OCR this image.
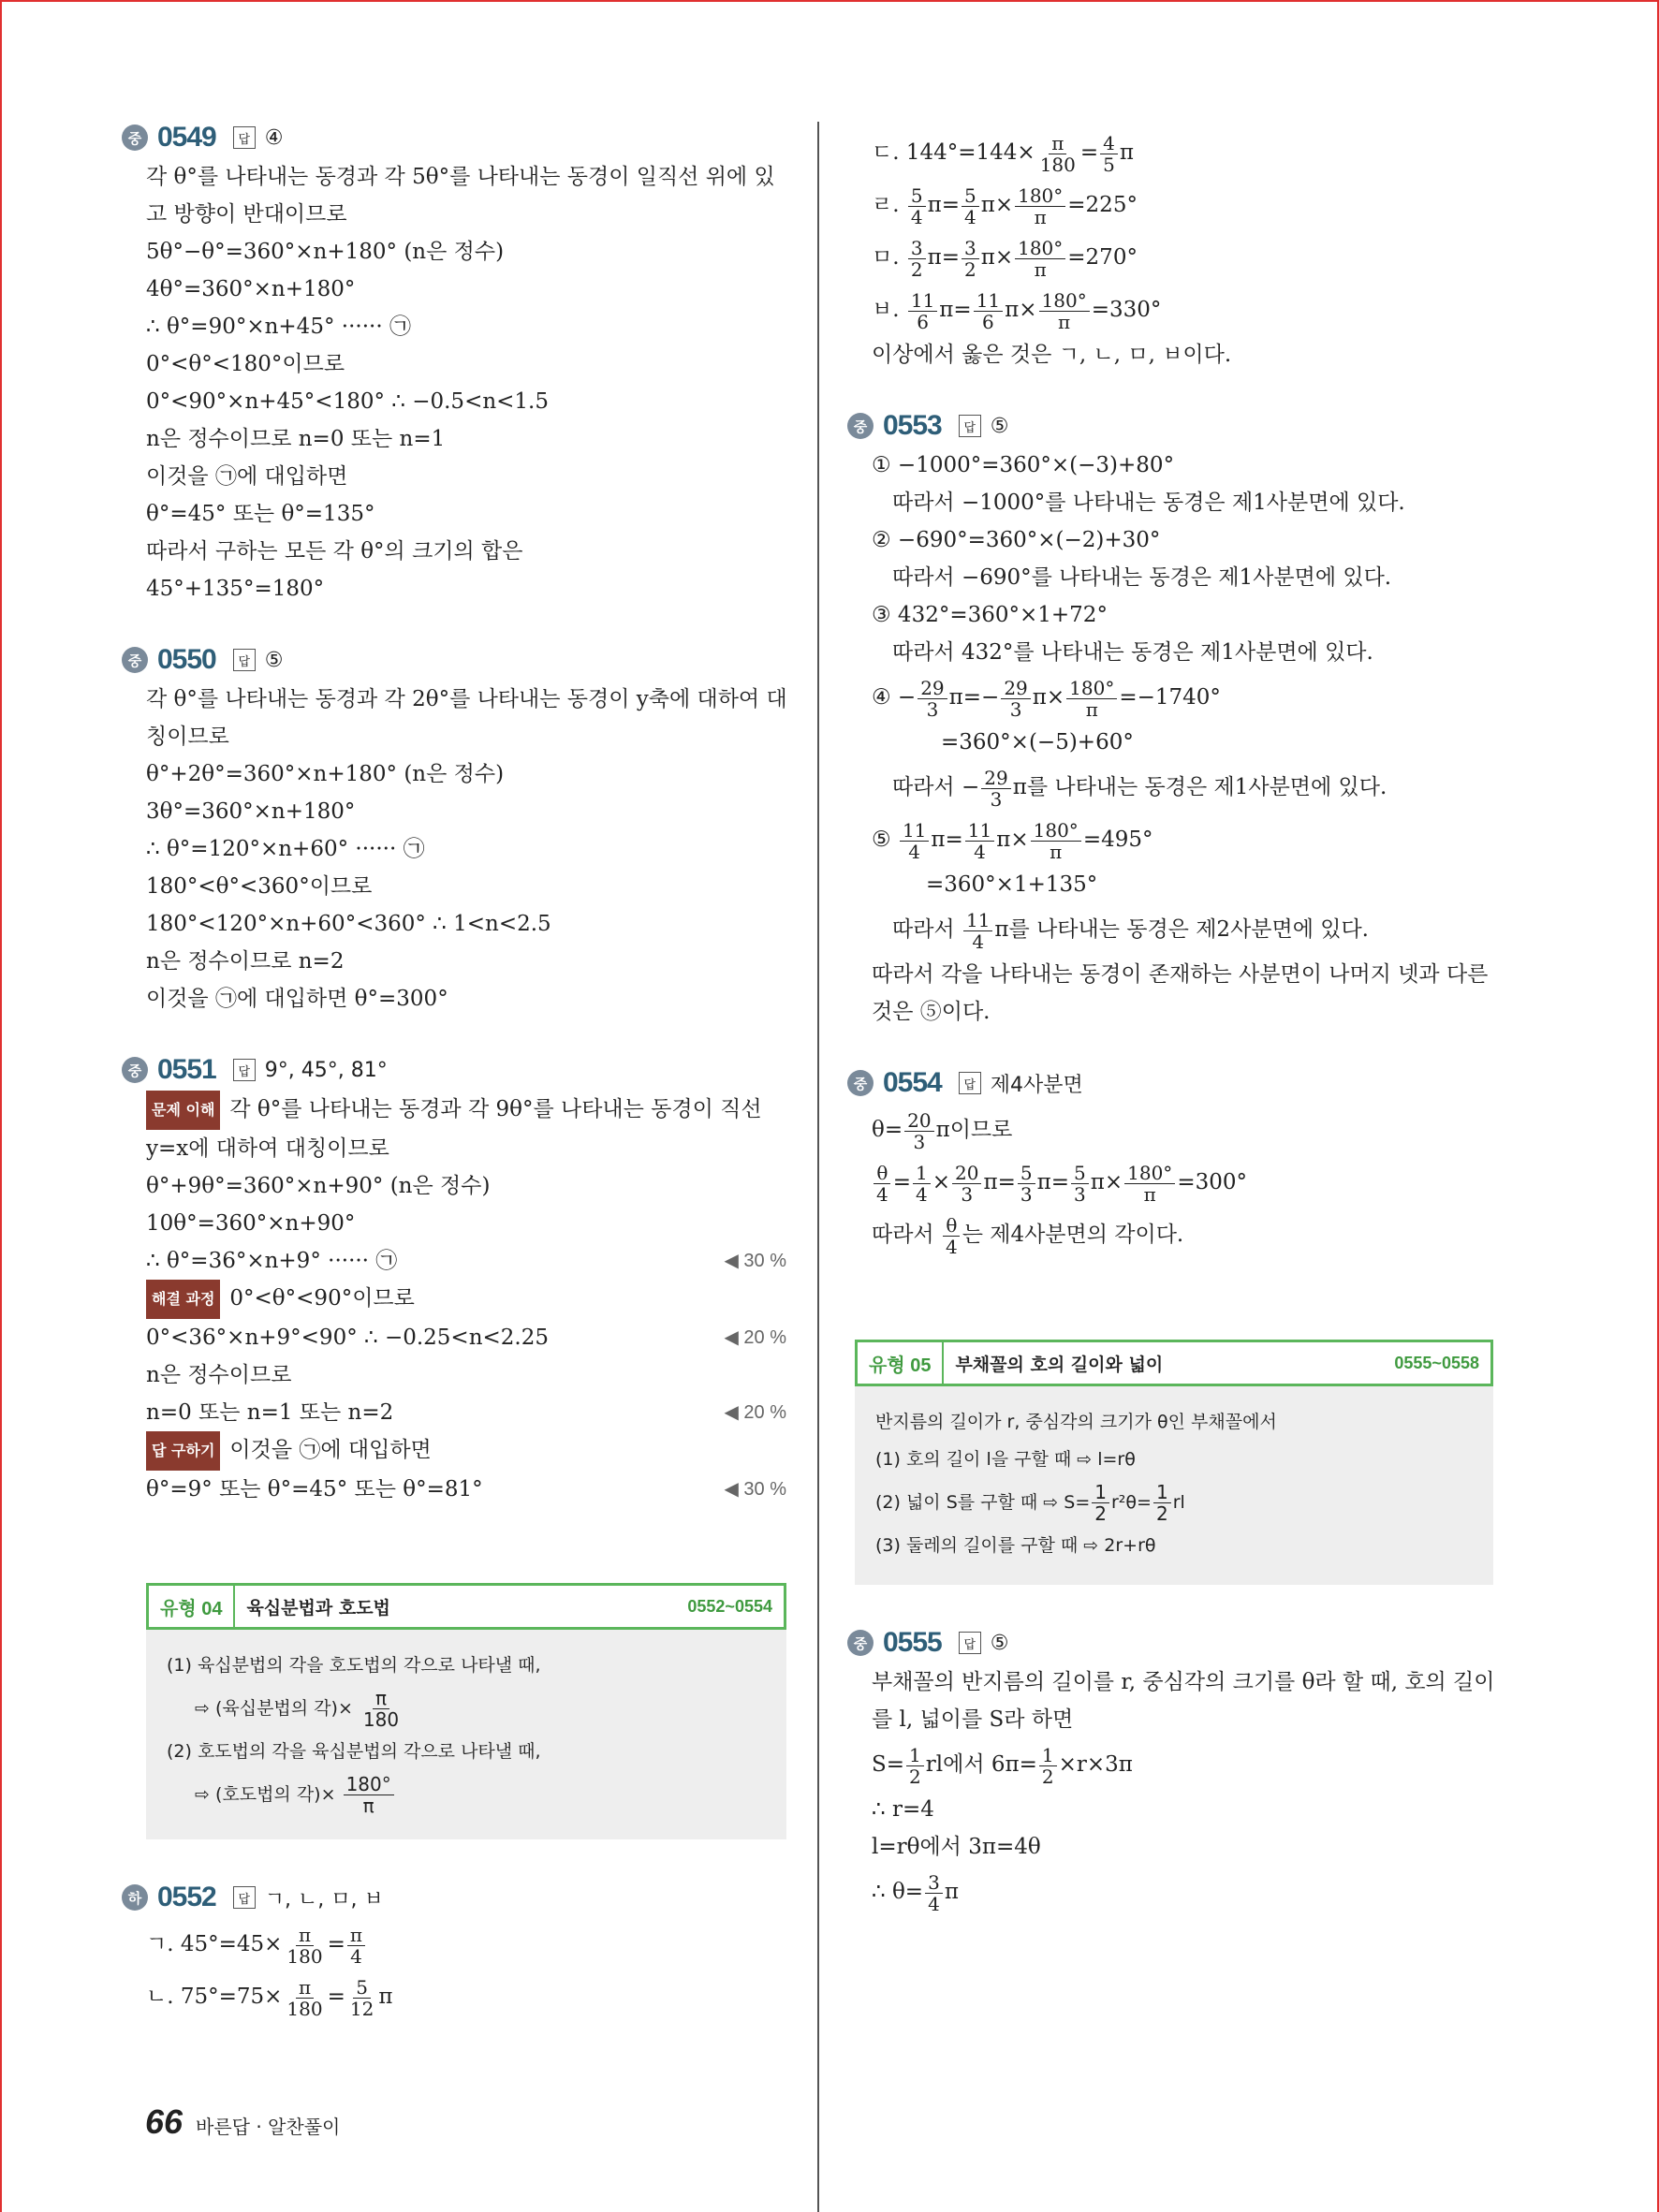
중 0549	답 ④
각 θ°를 나타내는 동경과 각 5θ°를 나타내는 동경이 일직선 위에 있
고 방향이 반대이므로
5θ°−θ°=360°×n+180° (n은 정수)
4θ°=360°×n+180°
∴ θ°=90°×n+45° ······ ㉠
0°<θ°<180°이므로
0°<90°×n+45°<180° ∴ −0.5<n<1.5
n은 정수이므로 n=0 또는 n=1
이것을 ㉠에 대입하면
θ°=45° 또는 θ°=135°
따라서 구하는 모든 각 θ°의 크기의 합은
45°+135°=180°
중 0550	답 ⑤
각 θ°를 나타내는 동경과 각 2θ°를 나타내는 동경이 y축에 대하여 대
칭이므로
θ°+2θ°=360°×n+180° (n은 정수)
3θ°=360°×n+180°
∴ θ°=120°×n+60° ······ ㉠
180°<θ°<360°이므로
180°<120°×n+60°<360° ∴ 1<n<2.5
n은 정수이므로 n=2
이것을 ㉠에 대입하면 θ°=300°
중 0551	답 9°, 45°, 81°
문제 이해 각 θ°를 나타내는 동경과 각 9θ°를 나타내는 동경이 직선
y=x에 대하여 대칭이므로
θ°+9θ°=360°×n+90° (n은 정수)
10θ°=360°×n+90°
∴ θ°=36°×n+9° ······ ㉠	◀ 30 %
해결 과정 0°<θ°<90°이므로
0°<36°×n+9°<90° ∴ −0.25<n<2.25	◀ 20 %
n은 정수이므로
n=0 또는 n=1 또는 n=2	◀ 20 %
답 구하기 이것을 ㉠에 대입하면
θ°=9° 또는 θ°=45° 또는 θ°=81°	◀ 30 %
유형 04	육십분법과 호도법	0552~0554
(1) 육십분법의 각을 호도법의 각으로 나타낼 때,
⇨ (육십분법의 각)× $\frac{\pi}{180}$
(2) 호도법의 각을 육십분법의 각으로 나타낼 때,
⇨ (호도법의 각)× $\frac{180^\circ}{\pi}$
하 0552	답 ㄱ, ㄴ, ㅁ, ㅂ
ㄱ. $45^\circ=45\times \frac{\pi}{180} = \frac{\pi}{4}$
ㄴ. $75^\circ=75\times \frac{\pi}{180} = \frac{5}{12}$ π
ㄷ. $144^\circ=144\times \frac{\pi}{180} = \frac{4}{5}$ π
ㄹ. $\frac{5}{4} \pi= \frac{5}{4} \pi\times \frac{180^\circ}{\pi} =225^\circ$
ㅁ. $\frac{3}{2} \pi= \frac{3}{2} \pi\times \frac{180^\circ}{\pi} =270^\circ$
ㅂ. $\frac{11}{6} \pi= \frac{11}{6} \pi\times \frac{180^\circ}{\pi} =330^\circ$
이상에서 옳은 것은 ㄱ, ㄴ, ㅁ, ㅂ이다.
중 0553	답 ⑤
① −1000°=360°×(−3)+80°
따라서 −1000°를 나타내는 동경은 제1사분면에 있다.
② −690°=360°×(−2)+30°
따라서 −690°를 나타내는 동경은 제1사분면에 있다.
③ 432°=360°×1+72°
따라서 432°를 나타내는 동경은 제1사분면에 있다.
④ − $\frac{29}{3} \pi=- \frac{29}{3} \pi\times \frac{180^\circ}{\pi} =-1740^\circ$
=360°×(−5)+60°
따라서 − $\frac{29}{3}$ π를 나타내는 동경은 제1사분면에 있다.
⑤ $\frac{11}{4} \pi= \frac{11}{4} \pi\times \frac{180^\circ}{\pi} =495^\circ$
=360°×1+135°
따라서 $\frac{11}{4}$ π를 나타내는 동경은 제2사분면에 있다.
따라서 각을 나타내는 동경이 존재하는 사분면이 나머지 넷과 다른
것은 ⑤이다.
중 0554	답 제4사분면
$\theta= \frac{20}{3}$ π이므로
$\frac{\theta}{4} = \frac{1}{4} \times \frac{20}{3} \pi= \frac{5}{3} \pi= \frac{5}{3} \pi\times \frac{180^\circ}{\pi} =300^\circ$
따라서 $\frac{\theta}{4}$ 는 제4사분면의 각이다.
유형 05	부채꼴의 호의 길이와 넓이	0555~0558
반지름의 길이가 r, 중심각의 크기가 θ인 부채꼴에서
(1) 호의 길이 l을 구할 때 ⇨ l=rθ
(2) 넓이 S를 구할 때 ⇨ $S= \frac{1}{2} r^2\theta= \frac{1}{2}$ rl
(3) 둘레의 길이를 구할 때 ⇨ 2r+rθ
중 0555	답 ⑤
부채꼴의 반지름의 길이를 r, 중심각의 크기를 θ라 할 때, 호의 길이
를 l, 넓이를 S라 하면
$S= \frac{1}{2}$ rl에서 $6\pi= \frac{1}{2} \times r\times 3\pi$
∴ r=4
l=rθ에서 3π=4θ
∴ $\theta= \frac{3}{4}$ π
66 바른답 · 알찬풀이
